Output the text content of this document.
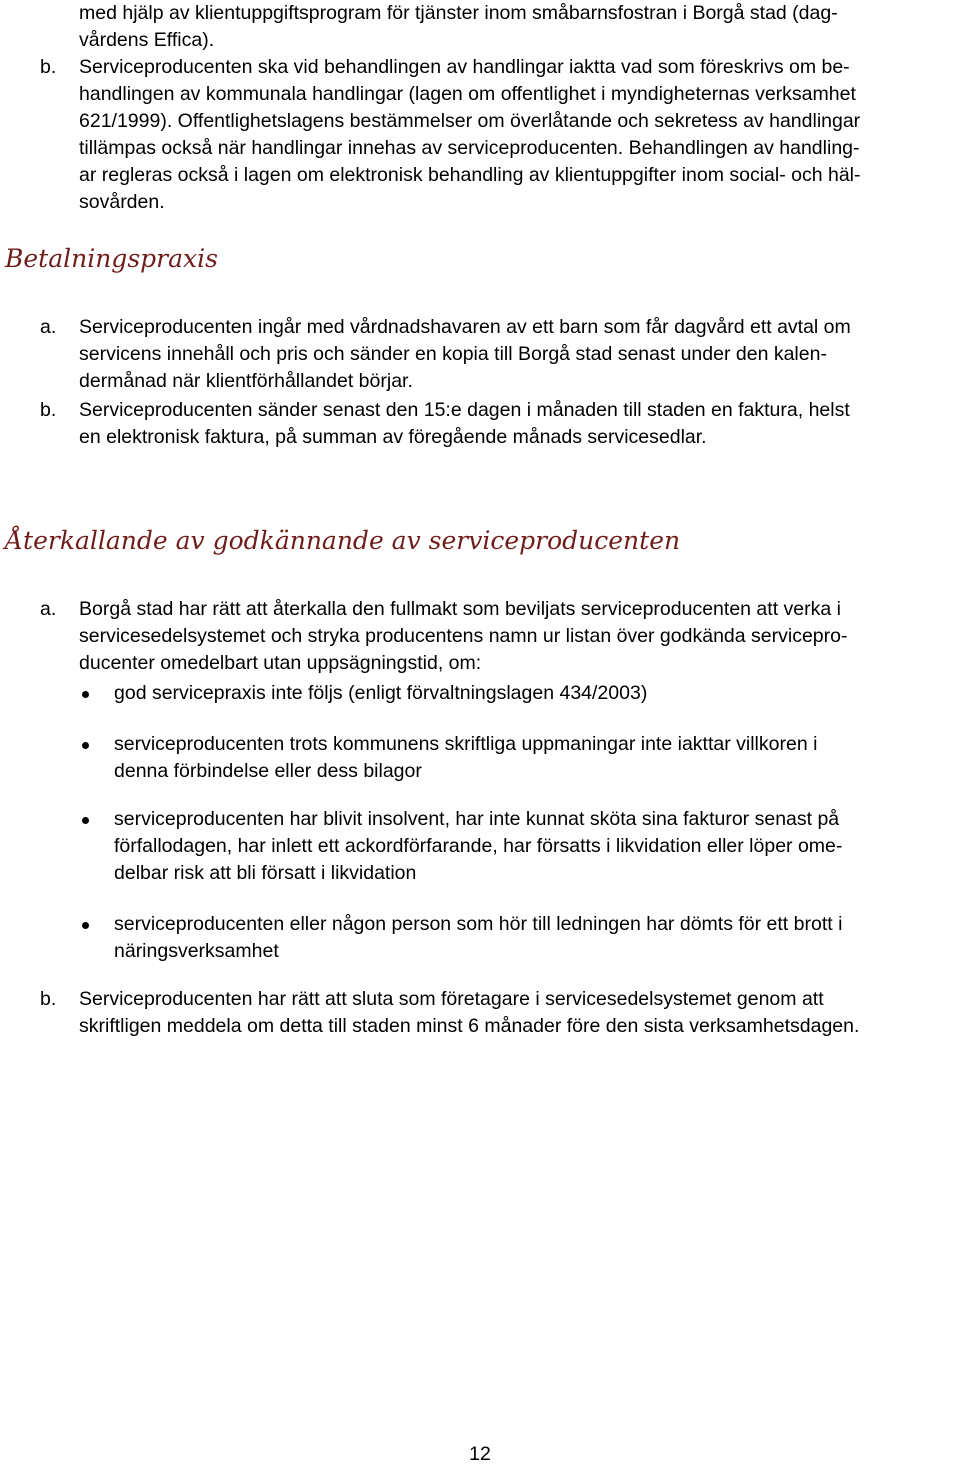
med hjälp av klientuppgiftsprogram för tjänster inom småbarnsfostran i Borgå stad (dag-
vårdens Effica).
b. Serviceproducenten ska vid behandlingen av handlingar iaktta vad som föreskrivs om be-
handlingen av kommunala handlingar (lagen om offentlighet i myndigheternas verksamhet
621/1999). Offentlighetslagens bestämmelser om överlåtande och sekretess av handlingar
tillämpas också när handlingar innehas av serviceproducenten. Behandlingen av handling-
ar regleras också i lagen om elektronisk behandling av klientuppgifter inom social- och häl-
sovården.
Betalningspraxis
a. Serviceproducenten ingår med vårdnadshavaren av ett barn som får dagvård ett avtal om
servicens innehåll och pris och sänder en kopia till Borgå stad senast under den kalen-
dermånad när klientförhållandet börjar.
b. Serviceproducenten sänder senast den 15:e dagen i månaden till staden en faktura, helst
en elektronisk faktura, på summan av föregående månads servicesedlar.
Återkallande av godkännande av serviceproducenten
a. Borgå stad har rätt att återkalla den fullmakt som beviljats serviceproducenten att verka i
servicesedelsystemet och stryka producentens namn ur listan över godkända servicepro-
ducenter omedelbart utan uppsägningstid, om:
god servicepraxis inte följs (enligt förvaltningslagen 434/2003)
serviceproducenten trots kommunens skriftliga uppmaningar inte iakttar villkoren i
denna förbindelse eller dess bilagor
serviceproducenten har blivit insolvent, har inte kunnat sköta sina fakturor senast på
förfallodagen, har inlett ett ackordförfarande, har försatts i likvidation eller löper ome-
delbar risk att bli försatt i likvidation
serviceproducenten eller någon person som hör till ledningen har dömts för ett brott i
näringsverksamhet
b. Serviceproducenten har rätt att sluta som företagare i servicesedelsystemet genom att
skriftligen meddela om detta till staden minst 6 månader före den sista verksamhetsdagen.
12
